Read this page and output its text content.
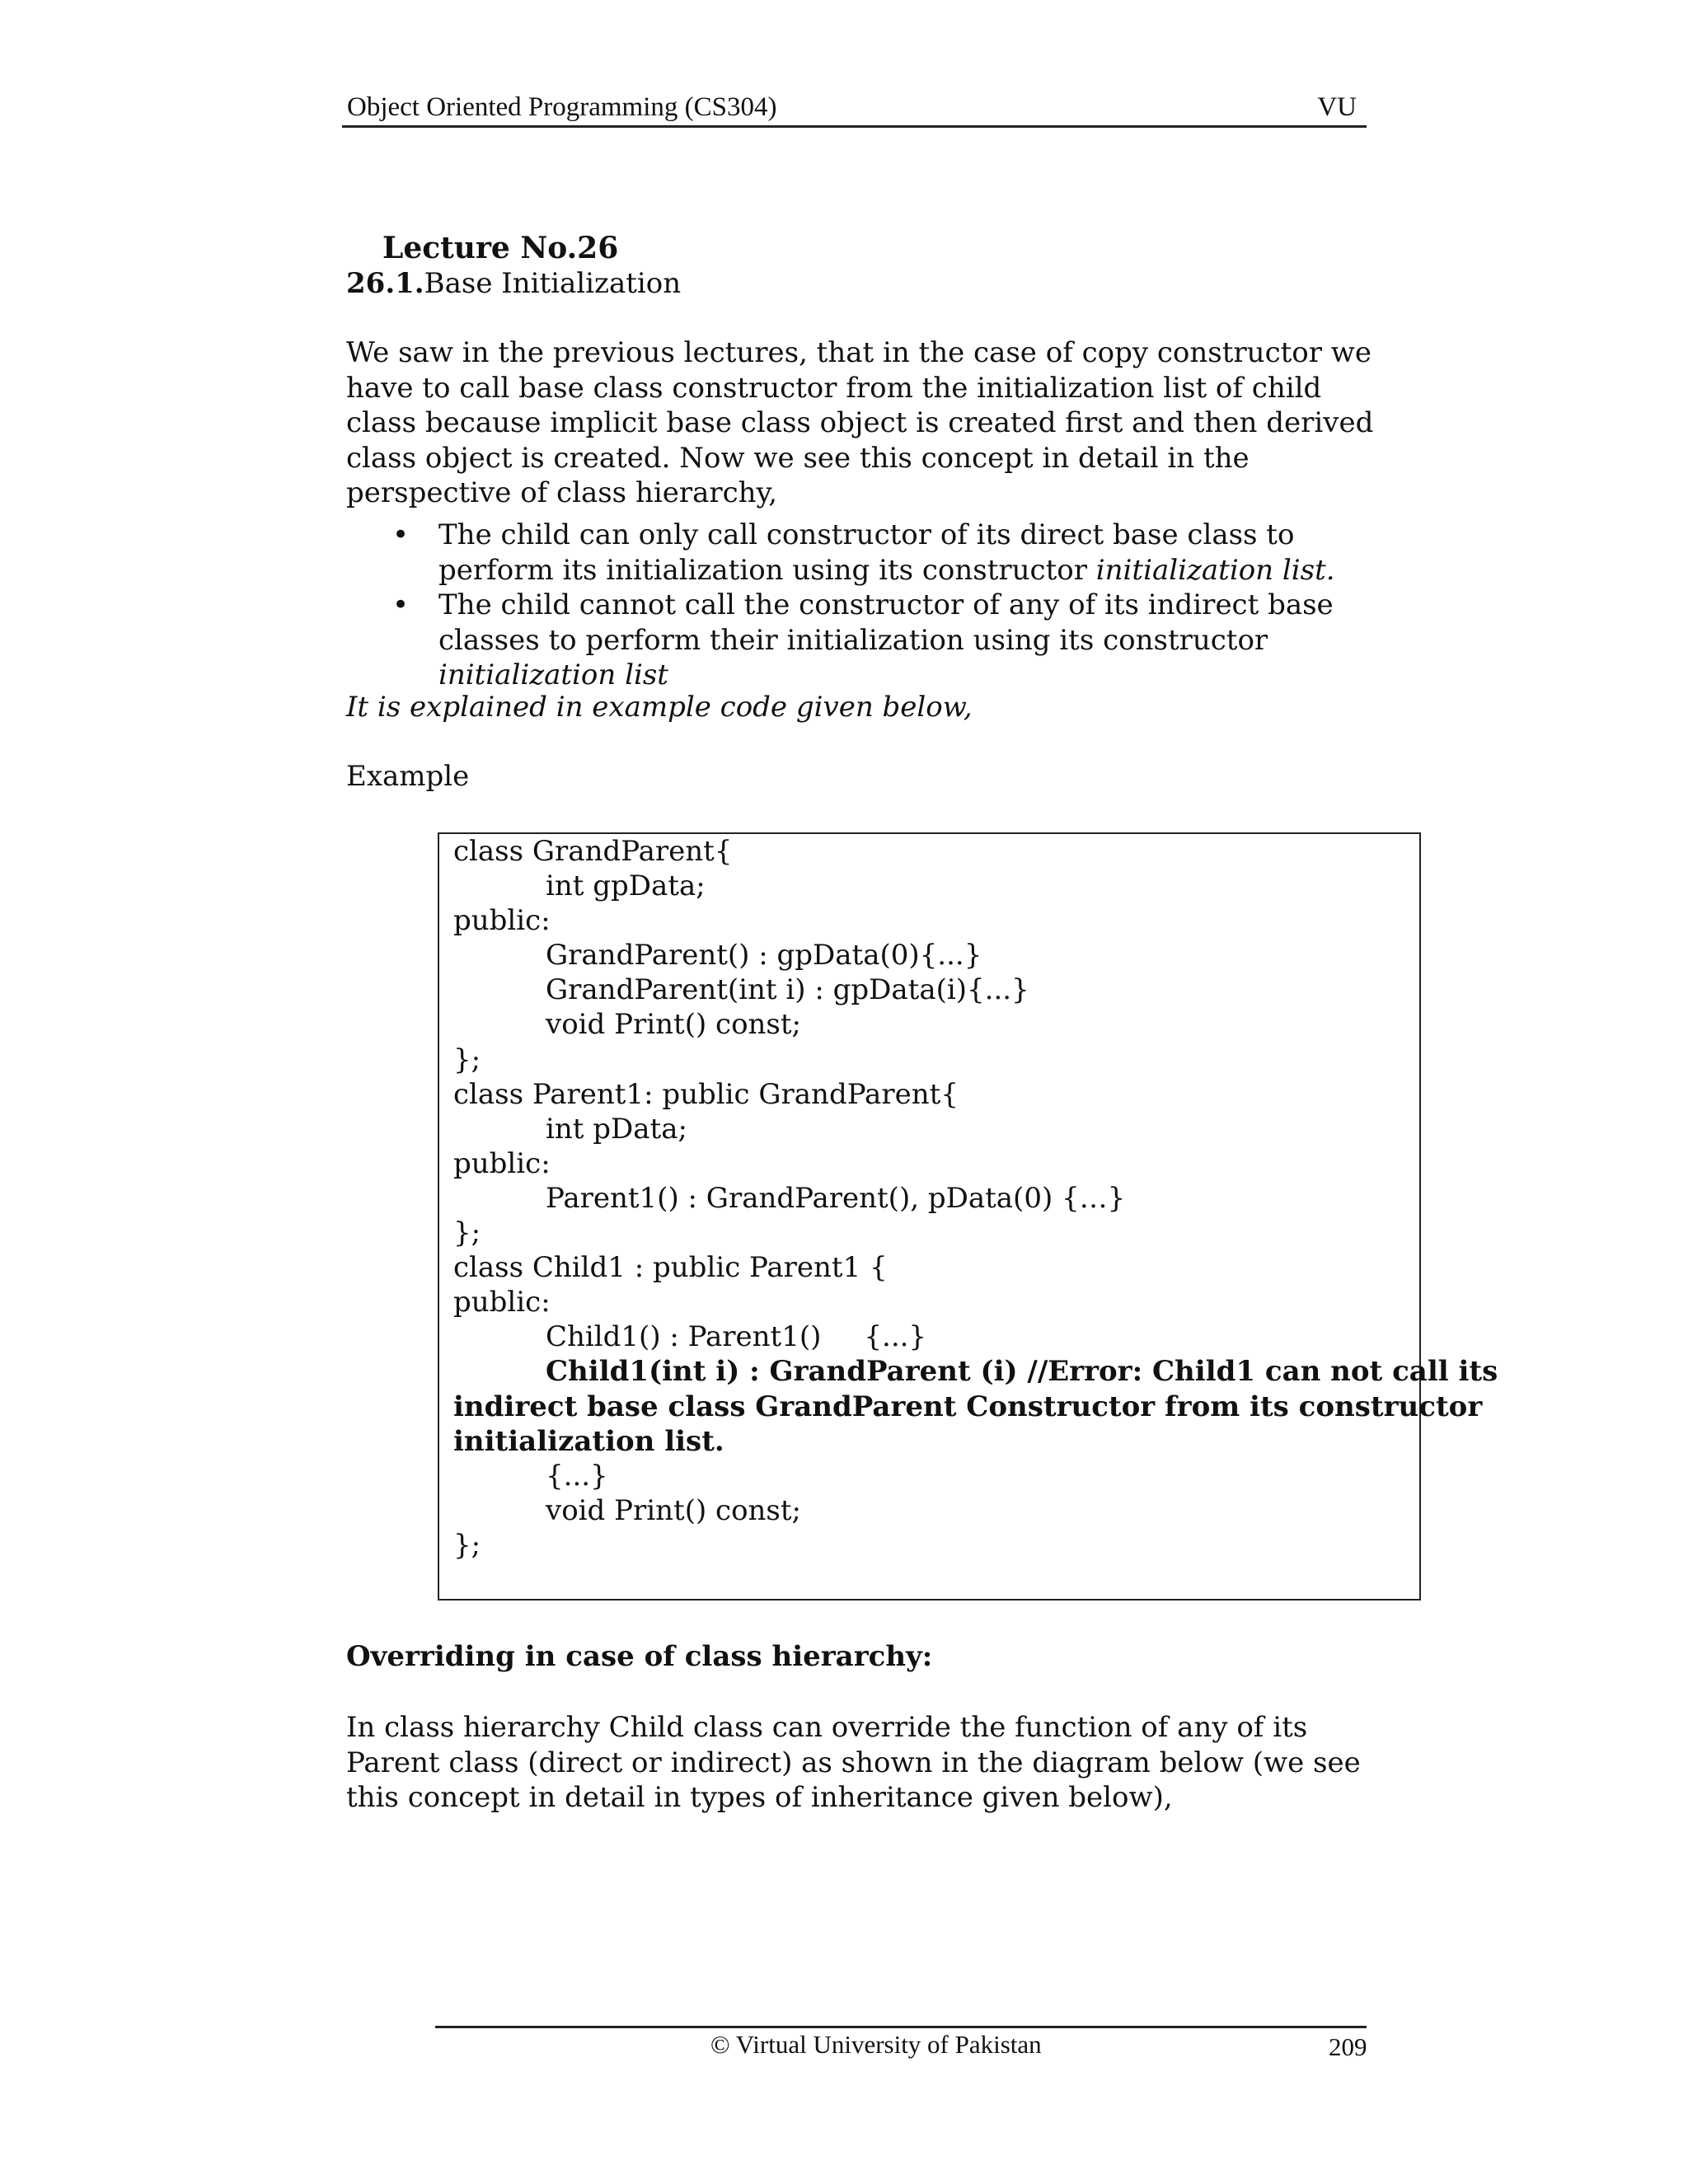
Object Oriented Programming (CS304)	VU
Lecture No.26
26.1.Base Initialization
We saw in the previous lectures, that in the case of copy constructor we have to call base class constructor from the initialization list of child class because implicit base class object is created first and then derived class object is created. Now we see this concept in detail in the perspective of class hierarchy,
• The child can only call constructor of its direct base class to perform its initialization using its constructor initialization list.
• The child cannot call the constructor of any of its indirect base classes to perform their initialization using its constructor initialization list
It is explained in example code given below,
Example
class GrandParent{
int gpData;
public:
GrandParent() : gpData(0){...}
GrandParent(int i) : gpData(i){...}
void Print() const;
};
class Parent1: public GrandParent{
int pData;
public:
Parent1() : GrandParent(), pData(0) {…}
};
class Child1 : public Parent1 {
public:
Child1() : Parent1() {...}
Child1(int i) : GrandParent (i) //Error: Child1 can not call its
indirect base class GrandParent Constructor from its constructor
initialization list.
{...}
void Print() const;
};
Overriding in case of class hierarchy:
In class hierarchy Child class can override the function of any of its Parent class (direct or indirect) as shown in the diagram below (we see this concept in detail in types of inheritance given below),
© Virtual University of Pakistan	209
